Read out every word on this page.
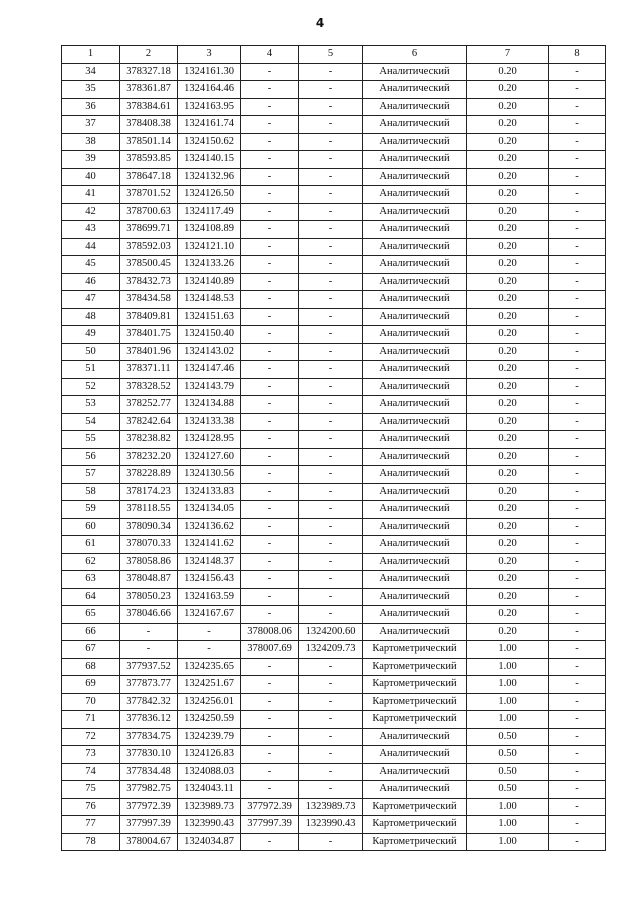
4
1	2	3	4	5	6	7	8
34	378327.18	1324161.30	-	-	Аналитический	0.20	-
35	378361.87	1324164.46	-	-	Аналитический	0.20	-
36	378384.61	1324163.95	-	-	Аналитический	0.20	-
37	378408.38	1324161.74	-	-	Аналитический	0.20	-
38	378501.14	1324150.62	-	-	Аналитический	0.20	-
39	378593.85	1324140.15	-	-	Аналитический	0.20	-
40	378647.18	1324132.96	-	-	Аналитический	0.20	-
41	378701.52	1324126.50	-	-	Аналитический	0.20	-
42	378700.63	1324117.49	-	-	Аналитический	0.20	-
43	378699.71	1324108.89	-	-	Аналитический	0.20	-
44	378592.03	1324121.10	-	-	Аналитический	0.20	-
45	378500.45	1324133.26	-	-	Аналитический	0.20	-
46	378432.73	1324140.89	-	-	Аналитический	0.20	-
47	378434.58	1324148.53	-	-	Аналитический	0.20	-
48	378409.81	1324151.63	-	-	Аналитический	0.20	-
49	378401.75	1324150.40	-	-	Аналитический	0.20	-
50	378401.96	1324143.02	-	-	Аналитический	0.20	-
51	378371.11	1324147.46	-	-	Аналитический	0.20	-
52	378328.52	1324143.79	-	-	Аналитический	0.20	-
53	378252.77	1324134.88	-	-	Аналитический	0.20	-
54	378242.64	1324133.38	-	-	Аналитический	0.20	-
55	378238.82	1324128.95	-	-	Аналитический	0.20	-
56	378232.20	1324127.60	-	-	Аналитический	0.20	-
57	378228.89	1324130.56	-	-	Аналитический	0.20	-
58	378174.23	1324133.83	-	-	Аналитический	0.20	-
59	378118.55	1324134.05	-	-	Аналитический	0.20	-
60	378090.34	1324136.62	-	-	Аналитический	0.20	-
61	378070.33	1324141.62	-	-	Аналитический	0.20	-
62	378058.86	1324148.37	-	-	Аналитический	0.20	-
63	378048.87	1324156.43	-	-	Аналитический	0.20	-
64	378050.23	1324163.59	-	-	Аналитический	0.20	-
65	378046.66	1324167.67	-	-	Аналитический	0.20	-
66	-	-	378008.06	1324200.60	Аналитический	0.20	-
67	-	-	378007.69	1324209.73	Картометрический	1.00	-
68	377937.52	1324235.65	-	-	Картометрический	1.00	-
69	377873.77	1324251.67	-	-	Картометрический	1.00	-
70	377842.32	1324256.01	-	-	Картометрический	1.00	-
71	377836.12	1324250.59	-	-	Картометрический	1.00	-
72	377834.75	1324239.79	-	-	Аналитический	0.50	-
73	377830.10	1324126.83	-	-	Аналитический	0.50	-
74	377834.48	1324088.03	-	-	Аналитический	0.50	-
75	377982.75	1324043.11	-	-	Аналитический	0.50	-
76	377972.39	1323989.73	377972.39	1323989.73	Картометрический	1.00	-
77	377997.39	1323990.43	377997.39	1323990.43	Картометрический	1.00	-
78	378004.67	1324034.87	-	-	Картометрический	1.00	-
